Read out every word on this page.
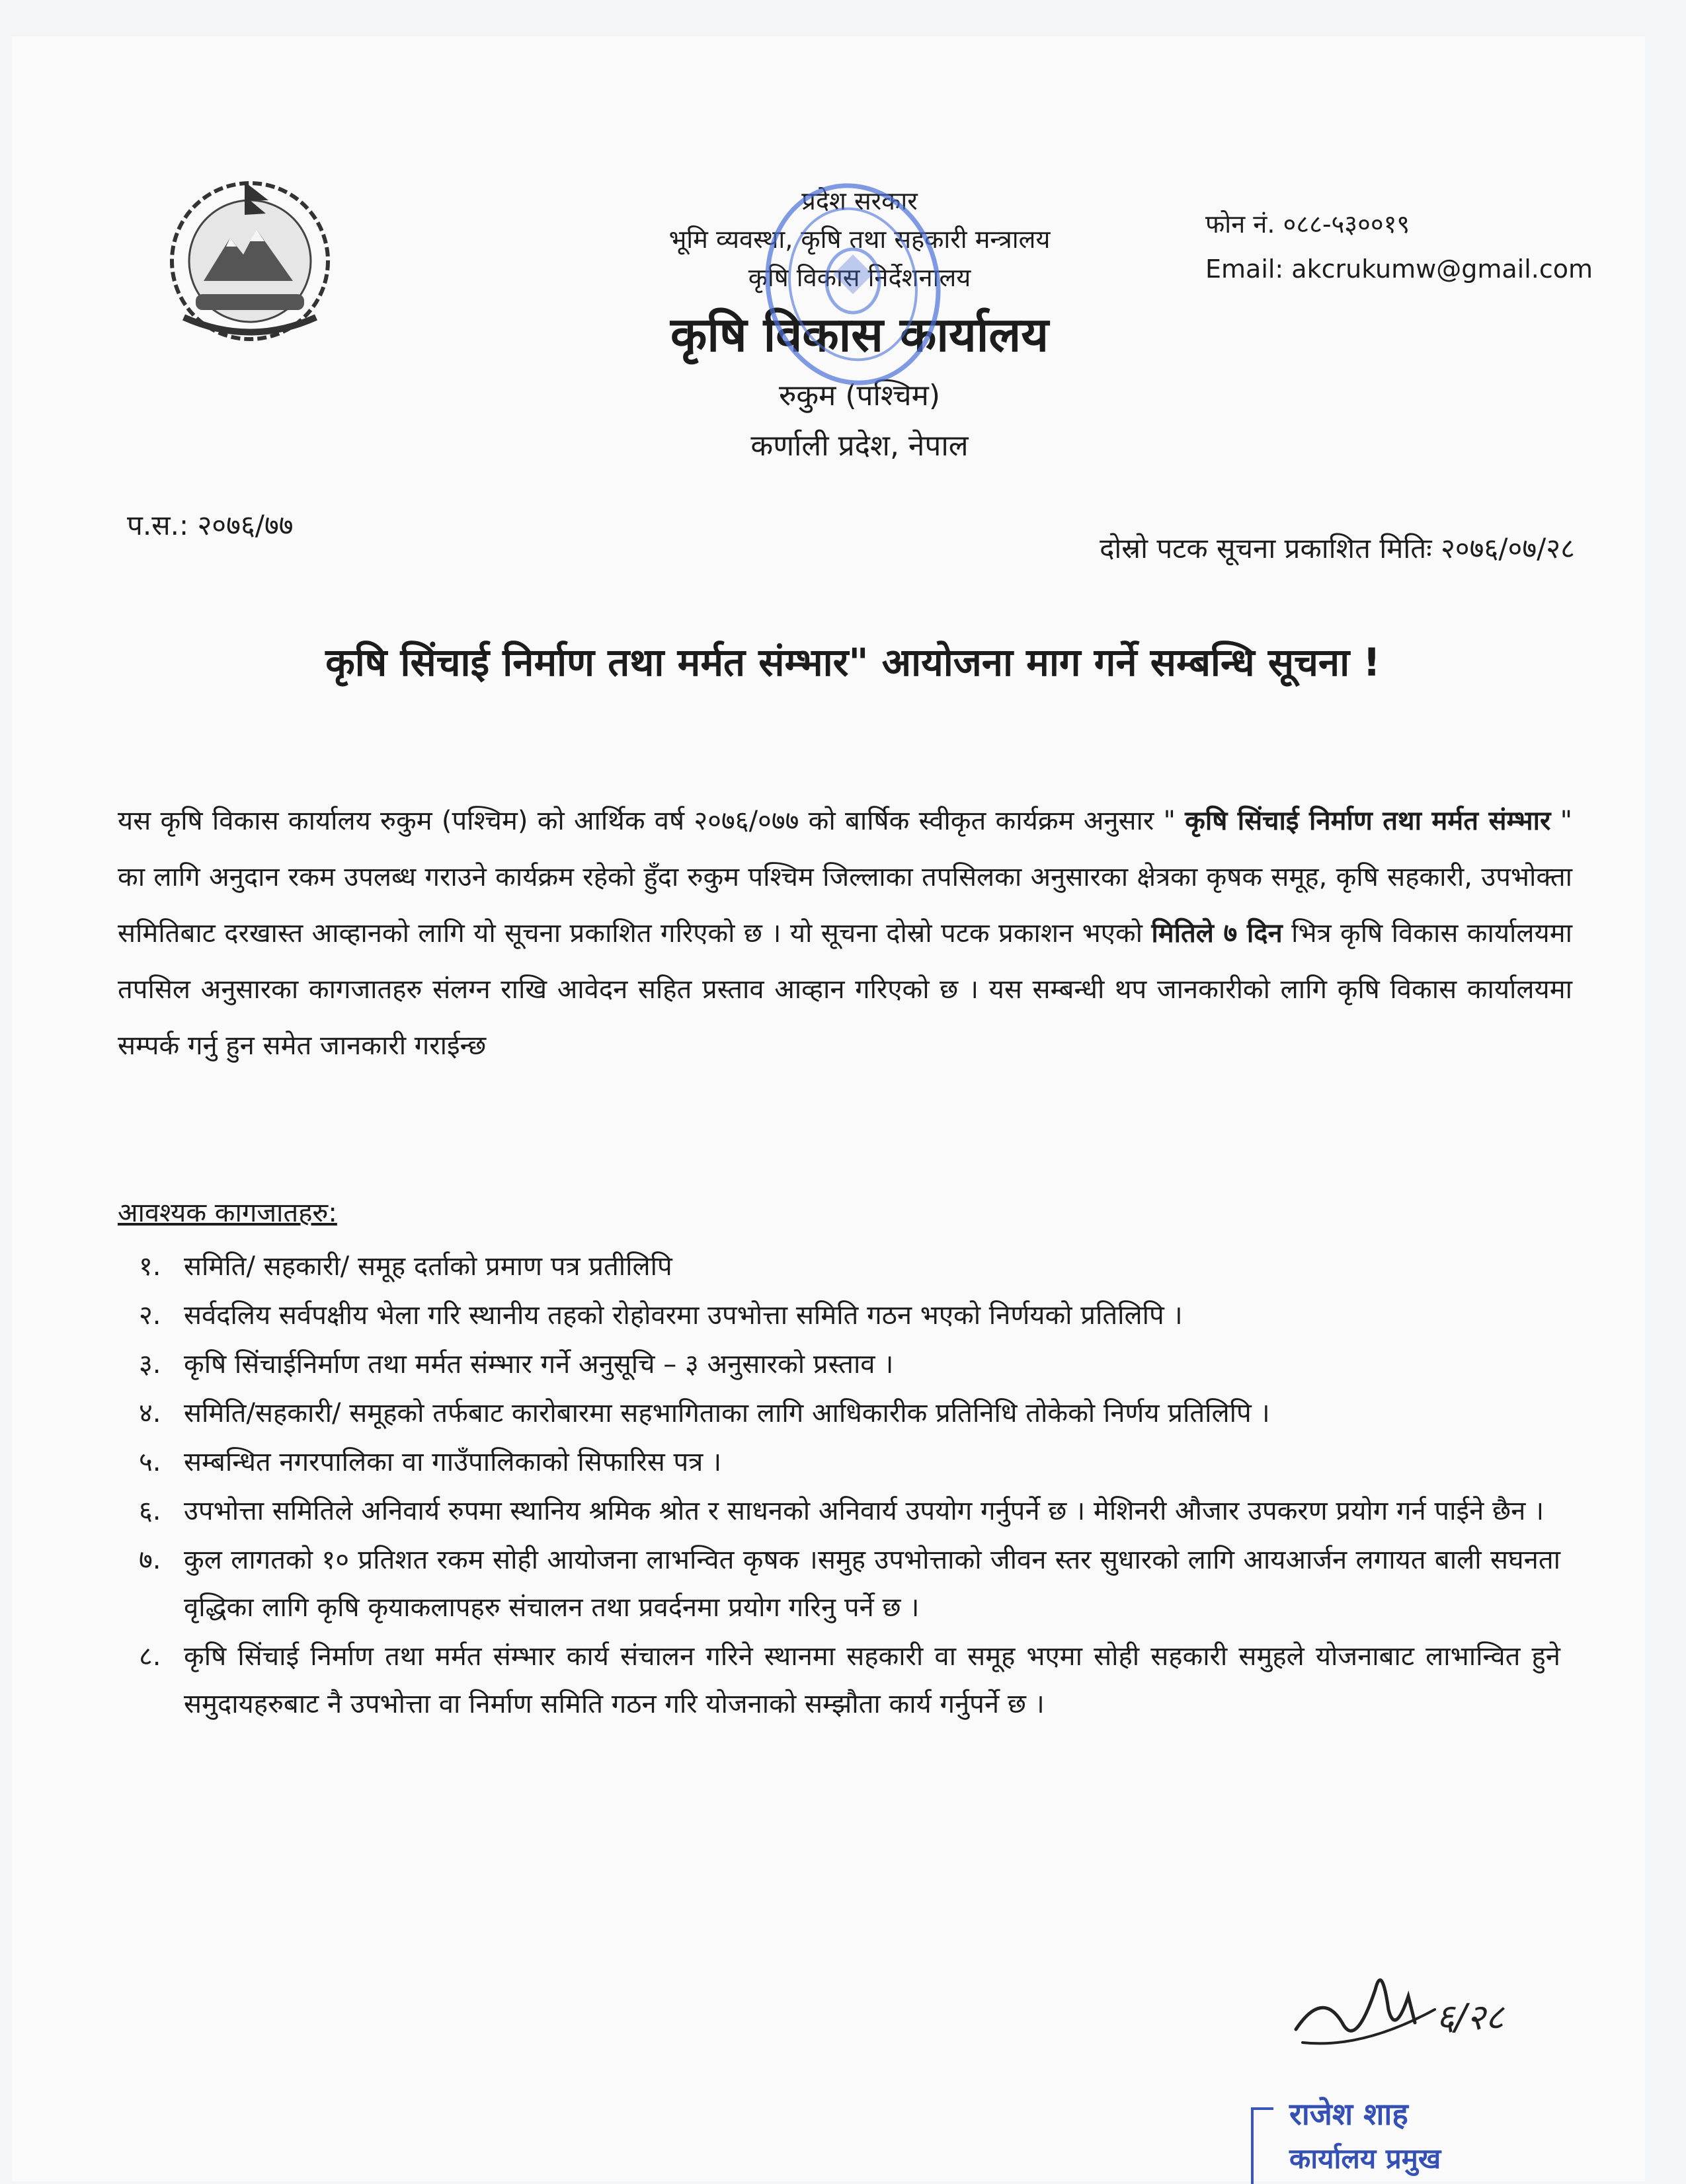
प्रदेश सरकार
भूमि व्यवस्था, कृषि तथा सहकारी मन्त्रालय
कृषि विकास निर्देशनालय
कृषि विकास कार्यालय
रुकुम (पश्चिम)
कर्णाली प्रदेश, नेपाल
फोन नं. ०८८-५३००१९
Email: akcrukumw@gmail.com
प.स.: २०७६/७७
दोस्रो पटक सूचना प्रकाशित मितिः २०७६/०७/२८
कृषि सिंचाई निर्माण तथा मर्मत संम्भार" आयोजना माग गर्ने सम्बन्धि सूचना !
यस कृषि विकास कार्यालय रुकुम (पश्चिम) को आर्थिक वर्ष २०७६/०७७ को बार्षिक स्वीकृत कार्यक्रम अनुसार " कृषि सिंचाई निर्माण तथा मर्मत संम्भार " का लागि अनुदान रकम उपलब्ध गराउने कार्यक्रम रहेको हुँदा रुकुम पश्चिम जिल्लाका तपसिलका अनुसारका क्षेत्रका कृषक समूह, कृषि सहकारी, उपभोक्ता समितिबाट दरखास्त आव्हानको लागि यो सूचना प्रकाशित गरिएको छ । यो सूचना दोस्रो पटक प्रकाशन भएको मितिले ७ दिन भित्र कृषि विकास कार्यालयमा तपसिल अनुसारका कागजातहरु संलग्न राखि आवेदन सहित प्रस्ताव आव्हान गरिएको छ । यस सम्बन्धी थप जानकारीको लागि कृषि विकास कार्यालयमा सम्पर्क गर्नु हुन समेत जानकारी गराईन्छ
आवश्यक कागजातहरु:
१. समिति/ सहकारी/ समूह दर्ताको प्रमाण पत्र प्रतीलिपि
२. सर्वदलिय सर्वपक्षीय भेला गरि स्थानीय तहको रोहोवरमा उपभोत्ता समिति गठन भएको निर्णयको प्रतिलिपि ।
३. कृषि सिंचाईनिर्माण तथा मर्मत संम्भार गर्ने अनुसूचि – ३ अनुसारको प्रस्ताव ।
४. समिति/सहकारी/ समूहको तर्फबाट कारोबारमा सहभागिताका लागि आधिकारीक प्रतिनिधि तोकेको निर्णय प्रतिलिपि ।
५. सम्बन्धित नगरपालिका वा गाउँपालिकाको सिफारिस पत्र ।
६. उपभोत्ता समितिले अनिवार्य रुपमा स्थानिय श्रमिक श्रोत र साधनको अनिवार्य उपयोग गर्नुपर्ने छ । मेशिनरी औजार उपकरण प्रयोग गर्न पाईने छैन ।
७. कुल लागतको १० प्रतिशत रकम सोही आयोजना लाभन्वित कृषक ।समुह उपभोत्ताको जीवन स्तर सुधारको लागि आयआर्जन लगायत बाली सघनता वृद्धिका लागि कृषि कृयाकलापहरु संचालन तथा प्रवर्दनमा प्रयोग गरिनु पर्ने छ ।
८. कृषि सिंचाई निर्माण तथा मर्मत संम्भार कार्य संचालन गरिने स्थानमा सहकारी वा समूह भएमा सोही सहकारी समुहले योजनाबाट लाभान्वित हुने समुदायहरुबाट नै उपभोत्ता वा निर्माण समिति गठन गरि योजनाको सम्झौता कार्य गर्नुपर्ने छ ।
६/२८
राजेश शाह
कार्यालय प्रमुख
